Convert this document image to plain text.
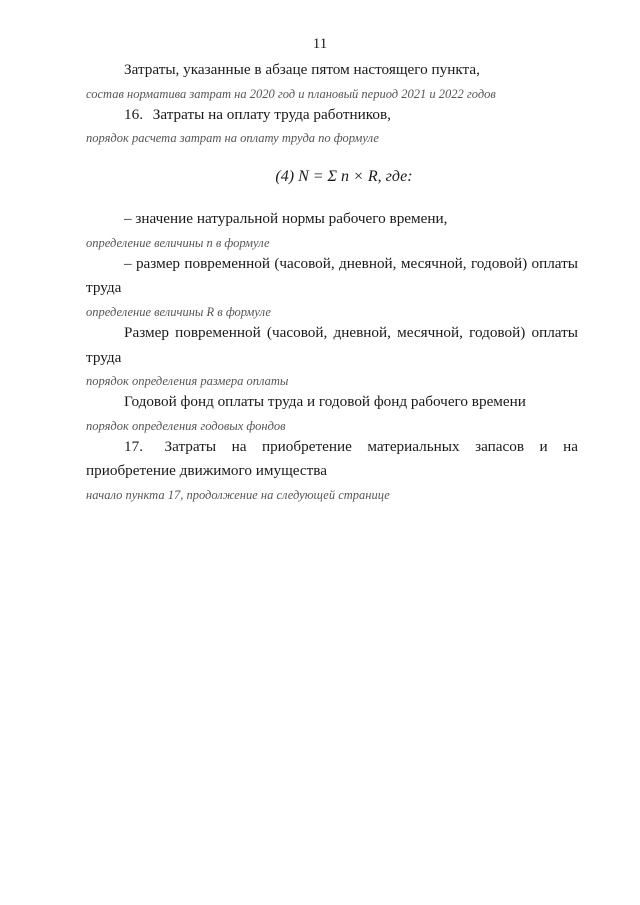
11

Затраты, указанные в абзаце пятом настоящего пункта,
состав норматива затрат на 2020 год и плановый период 2021 и 2022 годов

16. Затраты на оплату труда работников,
порядок расчета затрат на оплату труда по формуле

(4)
N = Σ n × R , где:

– значение натуральной нормы рабочего времени,
определение величины n в формуле

– размер повременной (часовой, дневной, месячной, годовой) оплаты труда
определение величины R в формуле

Размер повременной (часовой, дневной, месячной, годовой) оплаты труда
порядок определения размера оплаты

Годовой фонд оплаты труда и годовой фонд рабочего времени
порядок определения годовых фондов

17. Затраты на приобретение материальных запасов и на приобретение движимого имущества
начало пункта 17, продолжение на следующей странице
